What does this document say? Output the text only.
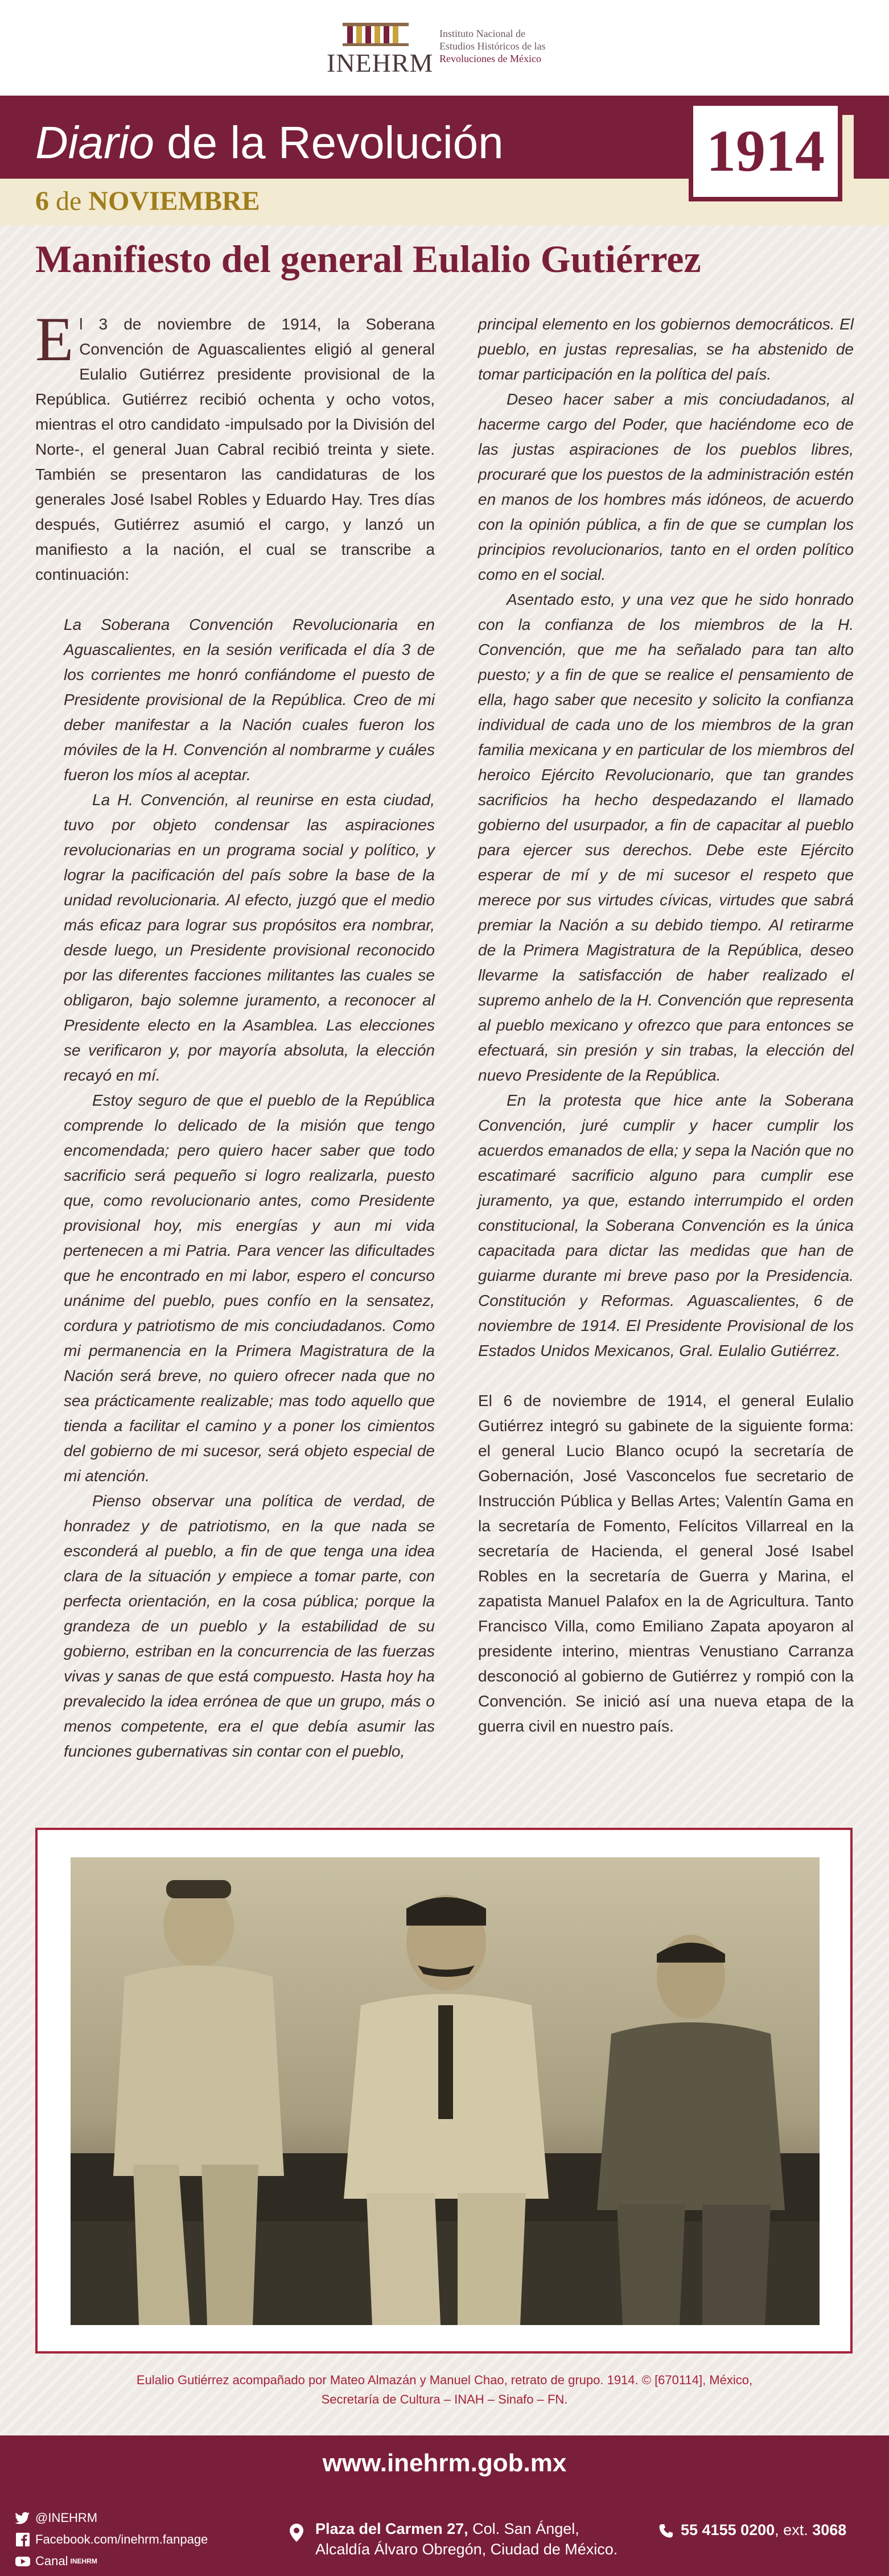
INEHRM
Instituto Nacional de
Estudios Históricos de las
Revoluciones de México
Diario de la Revolución
6 de NOVIEMBRE
1914
Manifiesto del general Eulalio Gutiérrez

El 3 de noviembre de 1914, la Soberana Convención de Aguascalientes eligió al general Eulalio Gutiérrez presidente provisional de la República. Gutiérrez recibió ochenta y ocho votos, mientras el otro candidato -impulsado por la División del Norte-, el general Juan Cabral recibió treinta y siete. También se presentaron las candidaturas de los generales José Isabel Robles y Eduardo Hay. Tres días después, Gutiérrez asumió el cargo, y lanzó un manifiesto a la nación, el cual se transcribe a continuación:

La Soberana Convención Revolucionaria en Aguascalientes, en la sesión verificada el día 3 de los corrientes me honró confiándome el puesto de Presidente provisional de la República. Creo de mi deber manifestar a la Nación cuales fueron los móviles de la H. Convención al nombrarme y cuáles fueron los míos al aceptar.

La H. Convención, al reunirse en esta ciudad, tuvo por objeto condensar las aspiraciones revolucionarias en un programa social y político, y lograr la pacificación del país sobre la base de la unidad revolucionaria. Al efecto, juzgó que el medio más eficaz para lograr sus propósitos era nombrar, desde luego, un Presidente provisional reconocido por las diferentes facciones militantes las cuales se obligaron, bajo solemne juramento, a reconocer al Presidente electo en la Asamblea. Las elecciones se verificaron y, por mayoría absoluta, la elección recayó en mí.

Estoy seguro de que el pueblo de la República comprende lo delicado de la misión que tengo encomendada; pero quiero hacer saber que todo sacrificio será pequeño si logro realizarla, puesto que, como revolucionario antes, como Presidente provisional hoy, mis energías y aun mi vida pertenecen a mi Patria. Para vencer las dificultades que he encontrado en mi labor, espero el concurso unánime del pueblo, pues confío en la sensatez, cordura y patriotismo de mis conciudadanos. Como mi permanencia en la Primera Magistratura de la Nación será breve, no quiero ofrecer nada que no sea prácticamente realizable; mas todo aquello que tienda a facilitar el camino y a poner los cimientos del gobierno de mi sucesor, será objeto especial de mi atención.

Pienso observar una política de verdad, de honradez y de patriotismo, en la que nada se esconderá al pueblo, a fin de que tenga una idea clara de la situación y empiece a tomar parte, con perfecta orientación, en la cosa pública; porque la grandeza de un pueblo y la estabilidad de su gobierno, estriban en la concurrencia de las fuerzas vivas y sanas de que está compuesto. Hasta hoy ha prevalecido la idea errónea de que un grupo, más o menos competente, era el que debía asumir las funciones gubernativas sin contar con el pueblo,

principal elemento en los gobiernos democráticos. El pueblo, en justas represalias, se ha abstenido de tomar participación en la política del país.

Deseo hacer saber a mis conciudadanos, al hacerme cargo del Poder, que haciéndome eco de las justas aspiraciones de los pueblos libres, procuraré que los puestos de la administración estén en manos de los hombres más idóneos, de acuerdo con la opinión pública, a fin de que se cumplan los principios revolucionarios, tanto en el orden político como en el social.

Asentado esto, y una vez que he sido honrado con la confianza de los miembros de la H. Convención, que me ha señalado para tan alto puesto; y a fin de que se realice el pensamiento de ella, hago saber que necesito y solicito la confianza individual de cada uno de los miembros de la gran familia mexicana y en particular de los miembros del heroico Ejército Revolucionario, que tan grandes sacrificios ha hecho despedazando el llamado gobierno del usurpador, a fin de capacitar al pueblo para ejercer sus derechos. Debe este Ejército esperar de mí y de mi sucesor el respeto que merece por sus virtudes cívicas, virtudes que sabrá premiar la Nación a su debido tiempo. Al retirarme de la Primera Magistratura de la República, deseo llevarme la satisfacción de haber realizado el supremo anhelo de la H. Convención que representa al pueblo mexicano y ofrezco que para entonces se efectuará, sin presión y sin trabas, la elección del nuevo Presidente de la República.

En la protesta que hice ante la Soberana Convención, juré cumplir y hacer cumplir los acuerdos emanados de ella; y sepa la Nación que no escatimaré sacrificio alguno para cumplir ese juramento, ya que, estando interrumpido el orden constitucional, la Soberana Convención es la única capacitada para dictar las medidas que han de guiarme durante mi breve paso por la Presidencia. Constitución y Reformas. Aguascalientes, 6 de noviembre de 1914. El Presidente Provisional de los Estados Unidos Mexicanos, Gral. Eulalio Gutiérrez.

El 6 de noviembre de 1914, el general Eulalio Gutiérrez integró su gabinete de la siguiente forma: el general Lucio Blanco ocupó la secretaría de Gobernación, José Vasconcelos fue secretario de Instrucción Pública y Bellas Artes; Valentín Gama en la secretaría de Fomento, Felícitos Villarreal en la secretaría de Hacienda, el general José Isabel Robles en la secretaría de Guerra y Marina, el zapatista Manuel Palafox en la de Agricultura. Tanto Francisco Villa, como Emiliano Zapata apoyaron al presidente interino, mientras Venustiano Carranza desconoció al gobierno de Gutiérrez y rompió con la Convención. Se inició así una nueva etapa de la guerra civil en nuestro país.

Eulalio Gutiérrez acompañado por Mateo Almazán y Manuel Chao, retrato de grupo. 1914. © [670114], México,
Secretaría de Cultura – INAH – Sinafo – FN.
www.inehrm.gob.mx
@INEHRM
Facebook.com/inehrm.fanpage
Canal INEHRM
Plaza del Carmen 27, Col. San Ángel,
Alcaldía Álvaro Obregón, Ciudad de México.
55 4155 0200, ext. 3068
